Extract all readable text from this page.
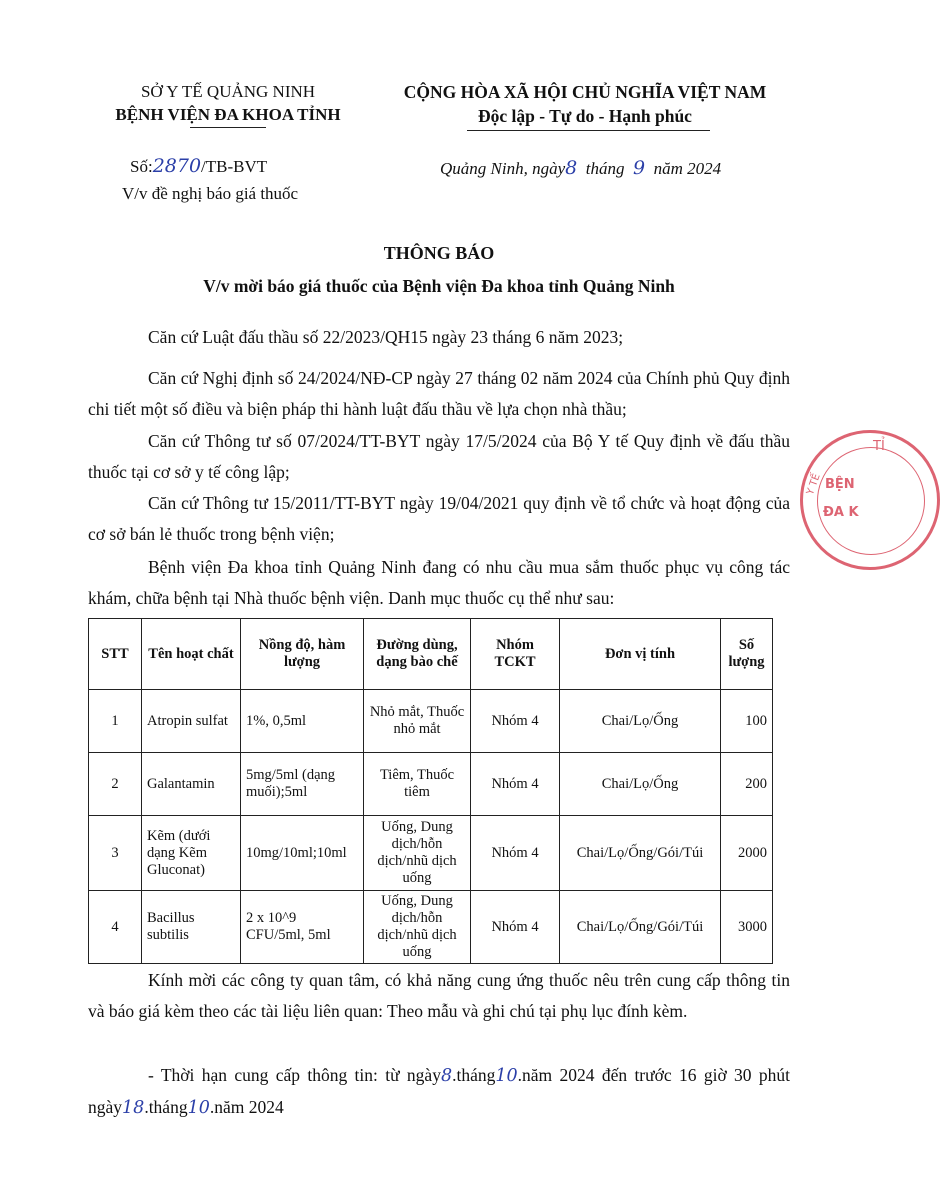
SỞ Y TẾ QUẢNG NINH
BỆNH VIỆN ĐA KHOA TỈNH
CỘNG HÒA XÃ HỘI CHỦ NGHĨA VIỆT NAM
Độc lập - Tự do - Hạnh phúc
Số:2870/TB-BVT
V/v đề nghị báo giá thuốc
Quảng Ninh, ngày8 tháng 9 năm 2024
THÔNG BÁO
V/v mời báo giá thuốc của Bệnh viện Đa khoa tỉnh Quảng Ninh
Căn cứ Luật đấu thầu số 22/2023/QH15 ngày 23 tháng 6 năm 2023;
Căn cứ Nghị định số 24/2024/NĐ-CP ngày 27 tháng 02 năm 2024 của Chính phủ Quy định chi tiết một số điều và biện pháp thi hành luật đấu thầu về lựa chọn nhà thầu;
Căn cứ Thông tư số 07/2024/TT-BYT ngày 17/5/2024 của Bộ Y tế Quy định về đấu thầu thuốc tại cơ sở y tế công lập;
Căn cứ Thông tư 15/2011/TT-BYT ngày 19/04/2021 quy định về tổ chức và hoạt động của cơ sở bán lẻ thuốc trong bệnh viện;
Bệnh viện Đa khoa tỉnh Quảng Ninh đang có nhu cầu mua sắm thuốc phục vụ công tác khám, chữa bệnh tại Nhà thuốc bệnh viện. Danh mục thuốc cụ thể như sau:
STT	Tên hoạt chất	Nồng độ, hàm lượng	Đường dùng, dạng bào chế	Nhóm TCKT	Đơn vị tính	Số lượng
1	Atropin sulfat	1%, 0,5ml	Nhỏ mắt, Thuốc nhỏ mắt	Nhóm 4	Chai/Lọ/Ống	100
2	Galantamin	5mg/5ml (dạng muối);5ml	Tiêm, Thuốc tiêm	Nhóm 4	Chai/Lọ/Ống	200
3	Kẽm (dưới dạng Kẽm Gluconat)	10mg/10ml;10ml	Uống, Dung dịch/hỗn dịch/nhũ dịch uống	Nhóm 4	Chai/Lọ/Ống/Gói/Túi	2000
4	Bacillus subtilis	2 x 10^9 CFU/5ml, 5ml	Uống, Dung dịch/hỗn dịch/nhũ dịch uống	Nhóm 4	Chai/Lọ/Ống/Gói/Túi	3000
Kính mời các công ty quan tâm, có khả năng cung ứng thuốc nêu trên cung cấp thông tin và báo giá kèm theo các tài liệu liên quan: Theo mẫu và ghi chú tại phụ lục đính kèm.
- Thời hạn cung cấp thông tin: từ ngày8.tháng10.năm 2024 đến trước 16 giờ 30 phút ngày18.tháng10.năm 2024
TỈ
Y TẾ BỆN
ĐA K
